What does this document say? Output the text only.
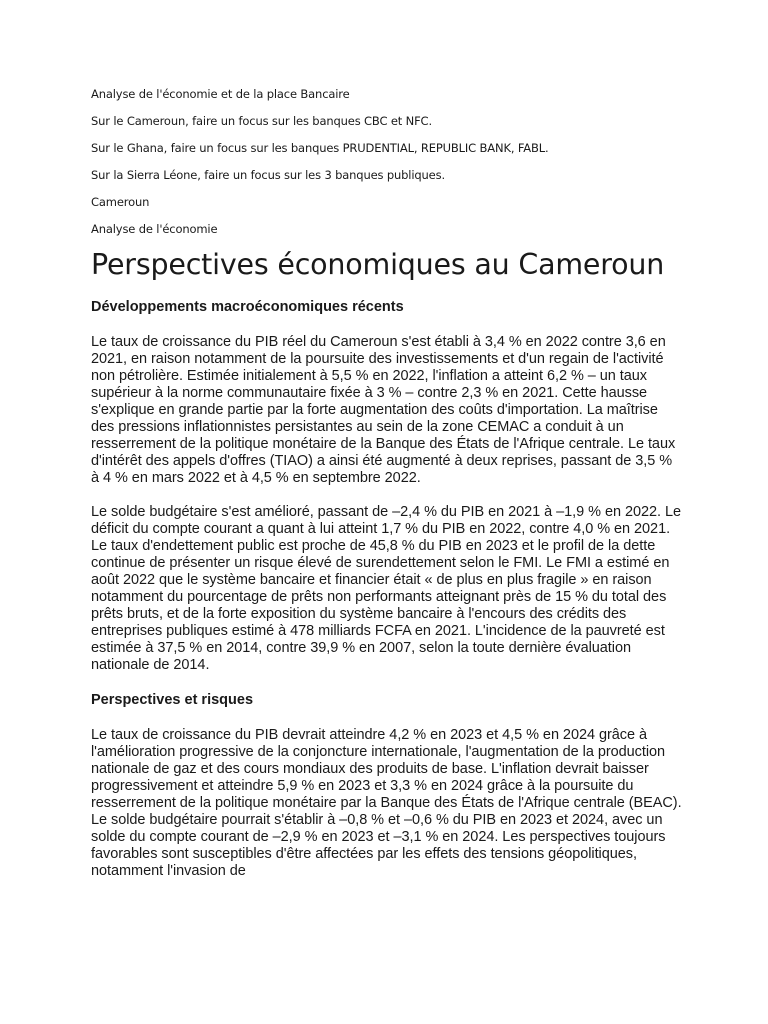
Analyse de l'économie et de la place Bancaire

Sur le Cameroun, faire un focus sur les banques CBC et NFC.

Sur le Ghana, faire un focus sur les banques PRUDENTIAL, REPUBLIC BANK, FABL.

Sur la Sierra Léone, faire un focus sur les 3 banques publiques.

Cameroun

Analyse de l'économie

Perspectives économiques au Cameroun
Développements macroéconomiques récents

Le taux de croissance du PIB réel du Cameroun s'est établi à 3,4 % en 2022 contre 3,6 en 2021, en raison notamment de la poursuite des investissements et d'un regain de l'activité non pétrolière. Estimée initialement à 5,5 % en 2022, l'inflation a atteint 6,2 % – un taux supérieur à la norme communautaire fixée à 3 % – contre 2,3 % en 2021. Cette hausse s'explique en grande partie par la forte augmentation des coûts d'importation. La maîtrise des pressions inflationnistes persistantes au sein de la zone CEMAC a conduit à un resserrement de la politique monétaire de la Banque des États de l'Afrique centrale. Le taux d'intérêt des appels d'offres (TIAO) a ainsi été augmenté à deux reprises, passant de 3,5 % à 4 % en mars 2022 et à 4,5 % en septembre 2022.

Le solde budgétaire s'est amélioré, passant de –2,4 % du PIB en 2021 à –1,9 % en 2022. Le déficit du compte courant a quant à lui atteint 1,7 % du PIB en 2022, contre 4,0 % en 2021. Le taux d'endettement public est proche de 45,8 % du PIB en 2023 et le profil de la dette continue de présenter un risque élevé de surendettement selon le FMI. Le FMI a estimé en août 2022 que le système bancaire et financier était « de plus en plus fragile » en raison notamment du pourcentage de prêts non performants atteignant près de 15 % du total des prêts bruts, et de la forte exposition du système bancaire à l'encours des crédits des entreprises publiques estimé à 478 milliards FCFA en 2021. L'incidence de la pauvreté est estimée à 37,5 % en 2014, contre 39,9 % en 2007, selon la toute dernière évaluation nationale de 2014.

Perspectives et risques

Le taux de croissance du PIB devrait atteindre 4,2 % en 2023 et 4,5 % en 2024 grâce à l'amélioration progressive de la conjoncture internationale, l'augmentation de la production nationale de gaz et des cours mondiaux des produits de base. L'inflation devrait baisser progressivement et atteindre 5,9 % en 2023 et 3,3 % en 2024 grâce à la poursuite du resserrement de la politique monétaire par la Banque des États de l'Afrique centrale (BEAC). Le solde budgétaire pourrait s'établir à –0,8 % et –0,6 % du PIB en 2023 et 2024, avec un solde du compte courant de –2,9 % en 2023 et –3,1 % en 2024. Les perspectives toujours favorables sont susceptibles d'être affectées par les effets des tensions géopolitiques, notamment l'invasion de
